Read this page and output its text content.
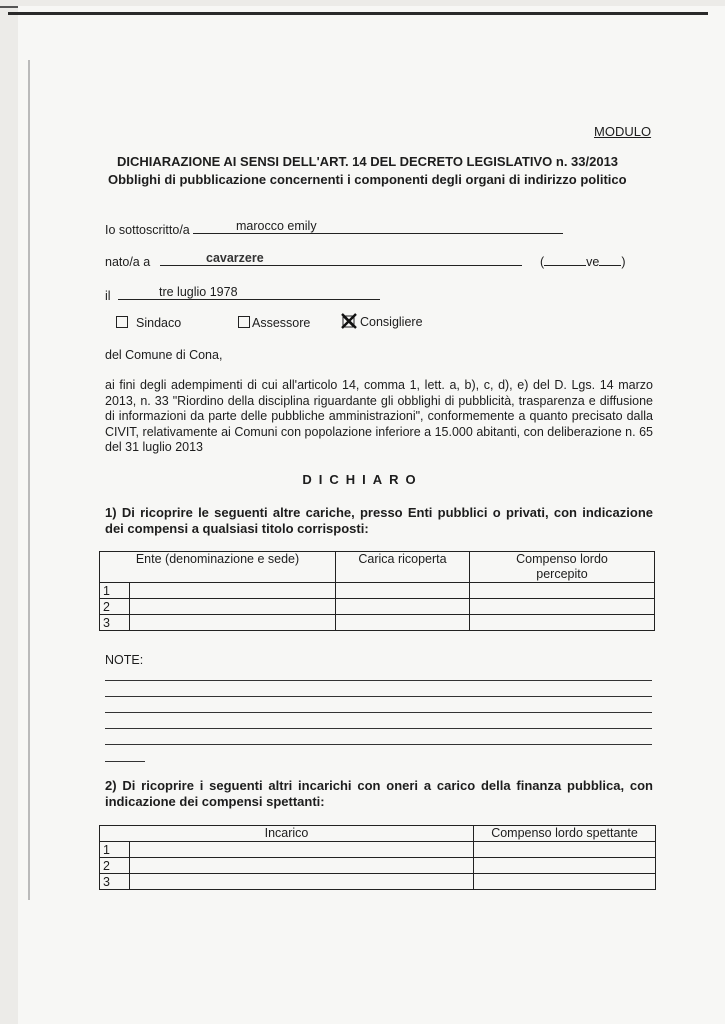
MODULO
DICHIARAZIONE AI SENSI DELL'ART. 14 DEL DECRETO LEGISLATIVO n. 33/2013
Obblighi di pubblicazione concernenti i componenti degli organi di indirizzo politico
Io sottoscritto/a	marocco emily
nato/a a	cavarzere	(	ve )
il	tre luglio 1978
Sindaco	Assessore	Consigliere
del Comune di Cona,
ai fini degli adempimenti di cui all'articolo 14, comma 1, lett. a, b), c, d), e) del D. Lgs. 14 marzo 2013, n. 33 "Riordino della disciplina riguardante gli obblighi di pubblicità, trasparenza e diffusione di informazioni da parte delle pubbliche amministrazioni", conformemente a quanto precisato dalla CIVIT, relativamente ai Comuni con popolazione inferiore a 15.000 abitanti, con deliberazione n. 65 del 31 luglio 2013
DICHIARO
1) Di ricoprire le seguenti altre cariche, presso Enti pubblici o privati, con indicazione dei compensi a qualsiasi titolo corrisposti:
Ente (denominazione e sede)		Carica ricoperta	Compenso lordo percepito
1			
2			
3			
NOTE:
2) Di ricoprire i seguenti altri incarichi con oneri a carico della finanza pubblica, con indicazione dei compensi spettanti:
Incarico		Compenso lordo spettante
1		
2		
3		
